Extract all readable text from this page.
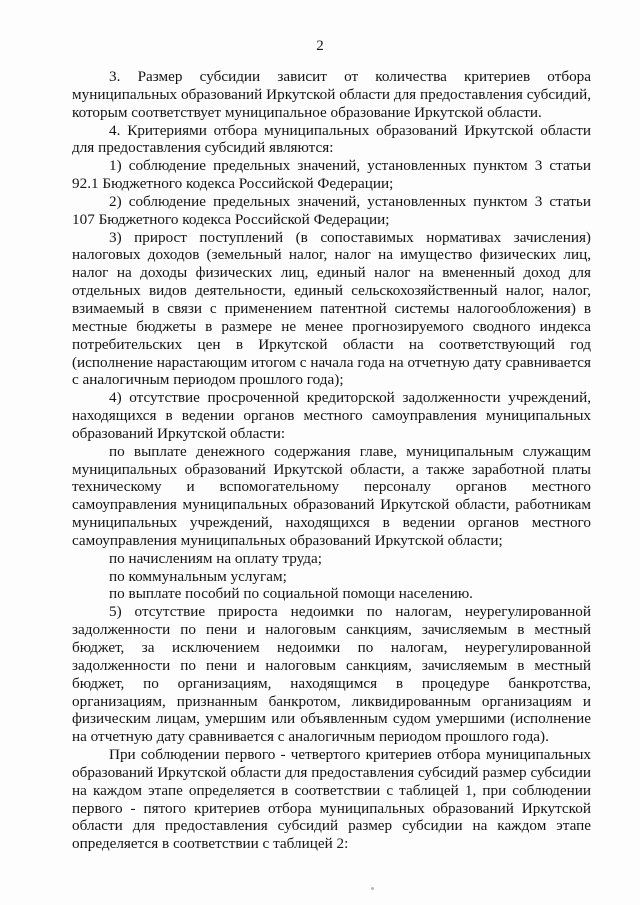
2

3. Размер субсидии зависит от количества критериев отбора муниципальных образований Иркутской области для предоставления субсидий, которым соответствует муниципальное образование Иркутской области.

4. Критериями отбора муниципальных образований Иркутской области для предоставления субсидий являются:

1) соблюдение предельных значений, установленных пунктом 3 статьи 92.1 Бюджетного кодекса Российской Федерации;

2) соблюдение предельных значений, установленных пунктом 3 статьи 107 Бюджетного кодекса Российской Федерации;

3) прирост поступлений (в сопоставимых нормативах зачисления) налоговых доходов (земельный налог, налог на имущество физических лиц, налог на доходы физических лиц, единый налог на вмененный доход для отдельных видов деятельности, единый сельскохозяйственный налог, налог, взимаемый в связи с применением патентной системы налогообложения) в местные бюджеты в размере не менее прогнозируемого сводного индекса потребительских цен в Иркутской области на соответствующий год (исполнение нарастающим итогом с начала года на отчетную дату сравнивается с аналогичным периодом прошлого года);

4) отсутствие просроченной кредиторской задолженности учреждений, находящихся в ведении органов местного самоуправления муниципальных образований Иркутской области:

по выплате денежного содержания главе, муниципальным служащим муниципальных образований Иркутской области, а также заработной платы техническому и вспомогательному персоналу органов местного самоуправления муниципальных образований Иркутской области, работникам муниципальных учреждений, находящихся в ведении органов местного самоуправления муниципальных образований Иркутской области;

по начислениям на оплату труда;

по коммунальным услугам;

по выплате пособий по социальной помощи населению.

5) отсутствие прироста недоимки по налогам, неурегулированной задолженности по пени и налоговым санкциям, зачисляемым в местный бюджет, за исключением недоимки по налогам, неурегулированной задолженности по пени и налоговым санкциям, зачисляемым в местный бюджет, по организациям, находящимся в процедуре банкротства, организациям, признанным банкротом, ликвидированным организациям и физическим лицам, умершим или объявленным судом умершими (исполнение на отчетную дату сравнивается с аналогичным периодом прошлого года).

При соблюдении первого - четвертого критериев отбора муниципальных образований Иркутской области для предоставления субсидий размер субсидии на каждом этапе определяется в соответствии с таблицей 1, при соблюдении первого - пятого критериев отбора муниципальных образований Иркутской области для предоставления субсидий размер субсидии на каждом этапе определяется в соответствии с таблицей 2:
